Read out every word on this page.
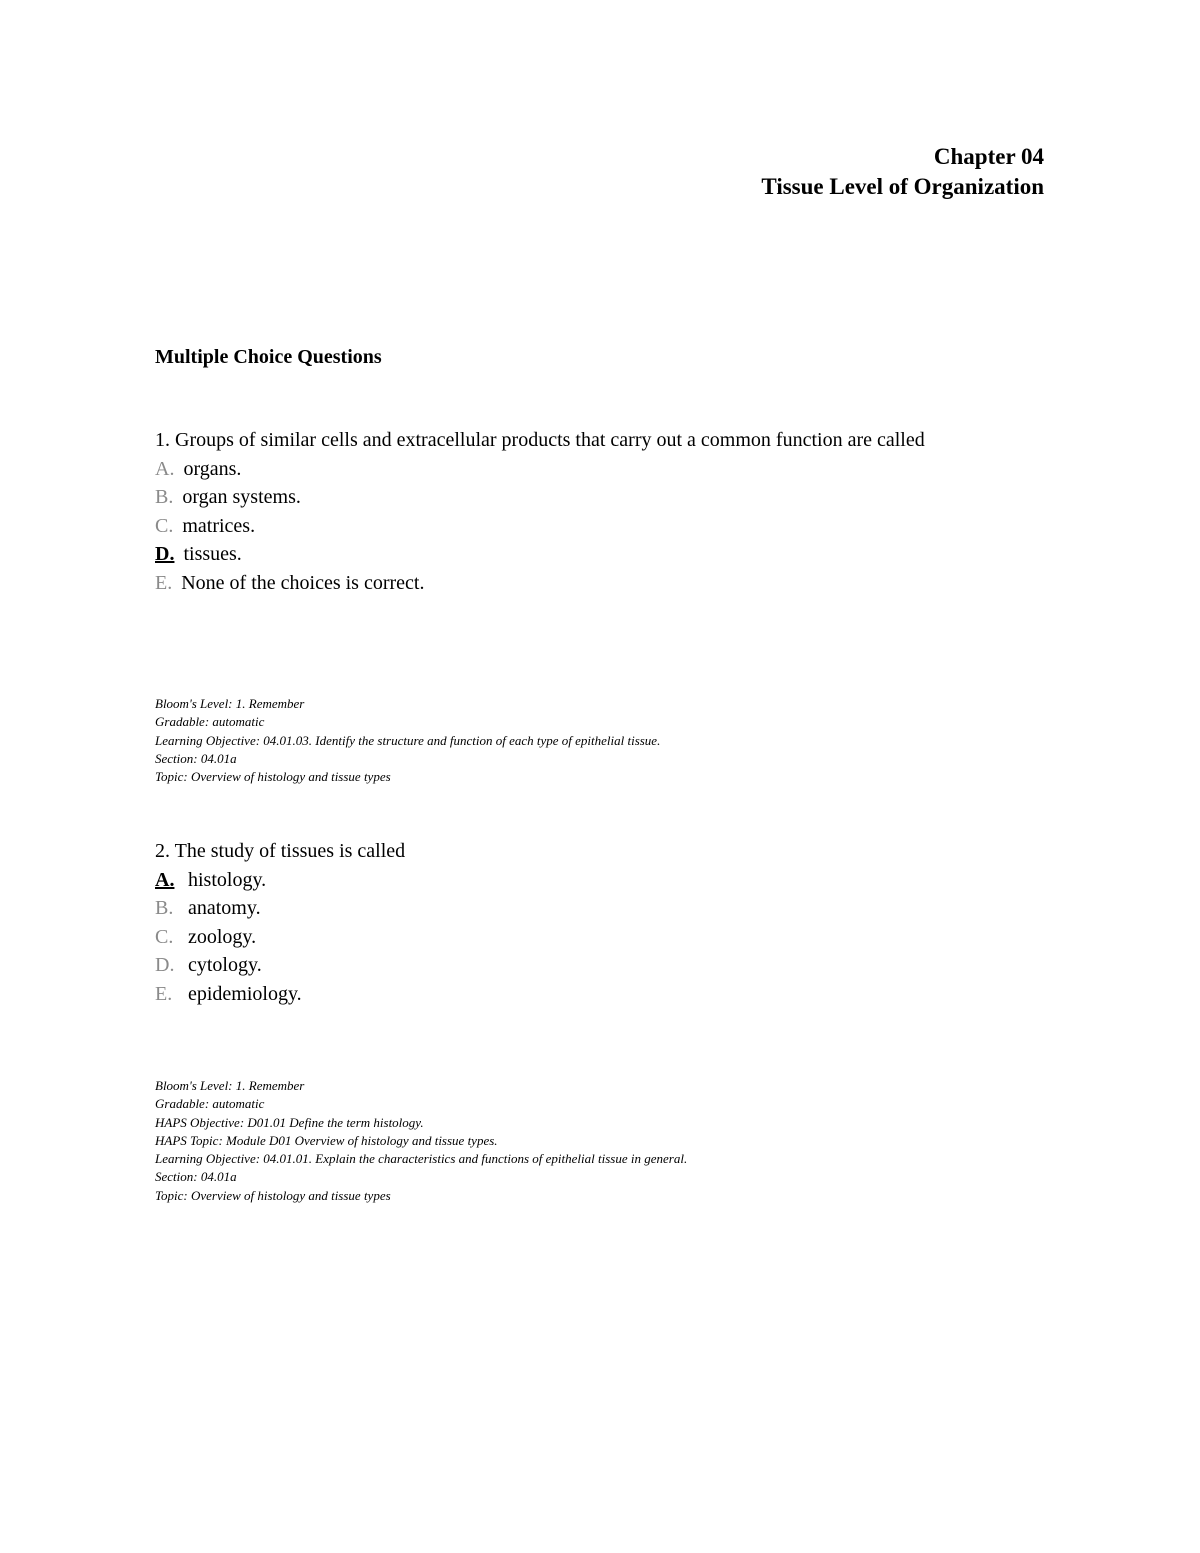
Chapter 04
Tissue Level of Organization
Multiple Choice Questions
1. Groups of similar cells and extracellular products that carry out a common function are called
A. organs.
B. organ systems.
C. matrices.
D. tissues.
E. None of the choices is correct.
Bloom's Level: 1. Remember
Gradable: automatic
Learning Objective: 04.01.03. Identify the structure and function of each type of epithelial tissue.
Section: 04.01a
Topic: Overview of histology and tissue types
2. The study of tissues is called
A. histology.
B. anatomy.
C. zoology.
D. cytology.
E. epidemiology.
Bloom's Level: 1. Remember
Gradable: automatic
HAPS Objective: D01.01 Define the term histology.
HAPS Topic: Module D01 Overview of histology and tissue types.
Learning Objective: 04.01.01. Explain the characteristics and functions of epithelial tissue in general.
Section: 04.01a
Topic: Overview of histology and tissue types
